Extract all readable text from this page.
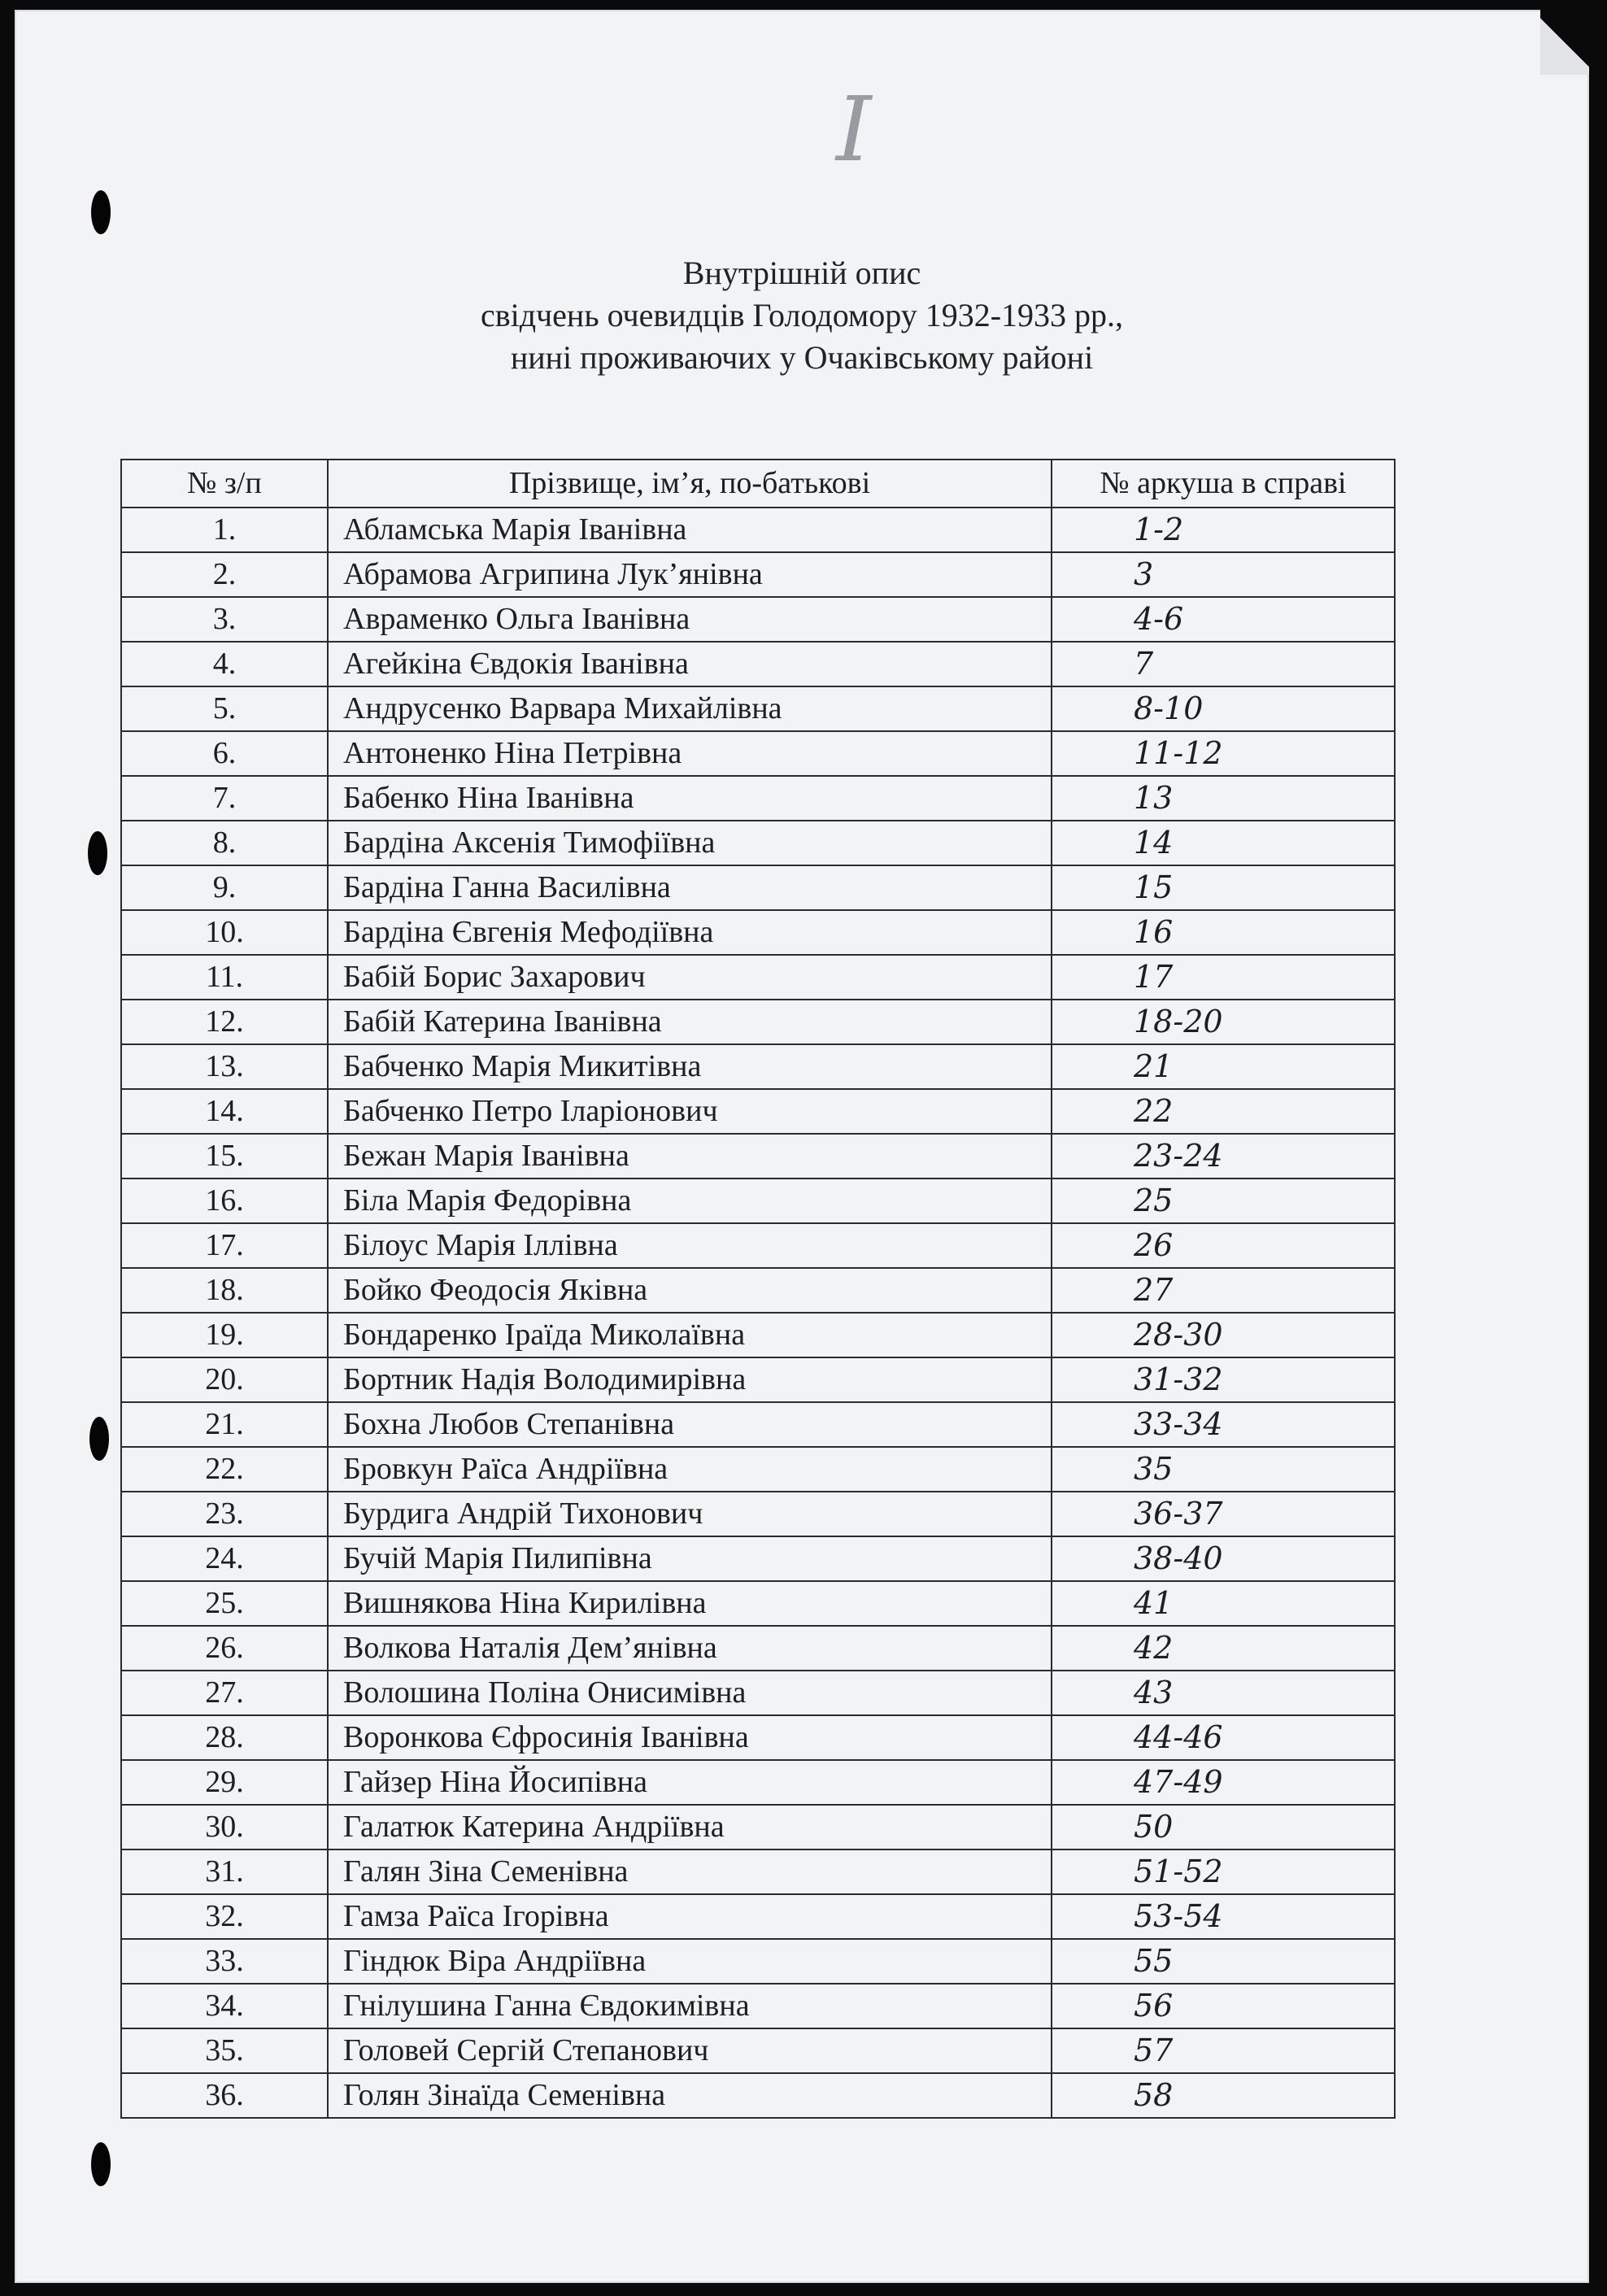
I
Внутрішній опис
свідчень очевидців Голодомору 1932-1933 рр.,
нині проживаючих у Очаківському районі
№ з/п	Прізвище, ім’я, по-батькові	№ аркуша в справі
1.	Абламська Марія Іванівна	1-2
2.	Абрамова Агрипина Лук’янівна	3
3.	Авраменко Ольга Іванівна	4-6
4.	Агейкіна Євдокія Іванівна	7
5.	Андрусенко Варвара Михайлівна	8-10
6.	Антоненко Ніна Петрівна	11-12
7.	Бабенко Ніна Іванівна	13
8.	Бардіна Аксенія Тимофіївна	14
9.	Бардіна Ганна Василівна	15
10.	Бардіна Євгенія Мефодіївна	16
11.	Бабій Борис Захарович	17
12.	Бабій Катерина Іванівна	18-20
13.	Бабченко Марія Микитівна	21
14.	Бабченко Петро Іларіонович	22
15.	Бежан Марія Іванівна	23-24
16.	Біла Марія Федорівна	25
17.	Білоус Марія Іллівна	26
18.	Бойко Феодосія Яківна	27
19.	Бондаренко Іраїда Миколаївна	28-30
20.	Бортник Надія Володимирівна	31-32
21.	Бохна Любов Степанівна	33-34
22.	Бровкун Раїса Андріївна	35
23.	Бурдига Андрій Тихонович	36-37
24.	Бучій Марія Пилипівна	38-40
25.	Вишнякова Ніна Кирилівна	41
26.	Волкова Наталія Дем’янівна	42
27.	Волошина Поліна Онисимівна	43
28.	Воронкова Єфросинія Іванівна	44-46
29.	Гайзер Ніна Йосипівна	47-49
30.	Галатюк Катерина Андріївна	50
31.	Галян Зіна Семенівна	51-52
32.	Гамза Раїса Ігорівна	53-54
33.	Гіндюк Віра Андріївна	55
34.	Гнілушина Ганна Євдокимівна	56
35.	Головей Сергій Степанович	57
36.	Голян Зінаїда Семенівна	58
